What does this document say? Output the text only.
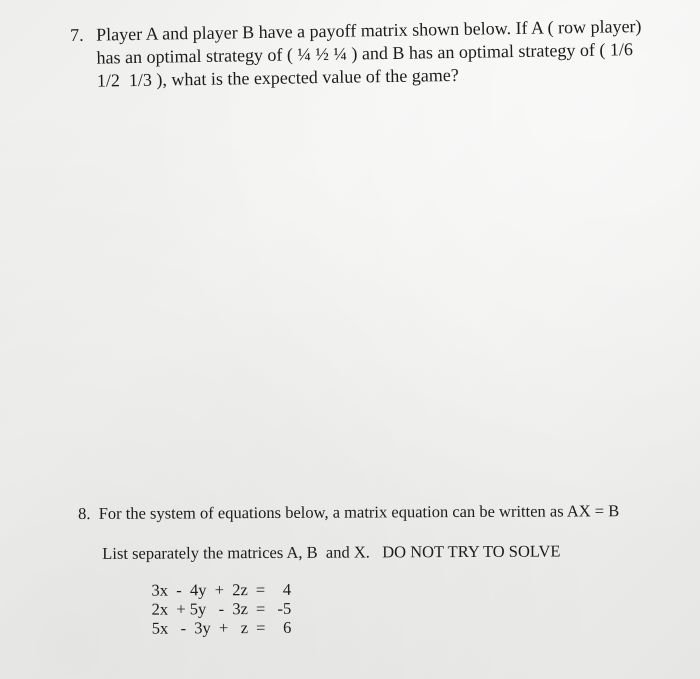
7. Player A and player B have a payoff matrix shown below. If A ( row player)
has an optimal strategy of ( ¼ ½ ¼ ) and B has an optimal strategy of ( 1/6
1/2  1/3 ), what is the expected value of the game?
8.  For the system of equations below, a matrix equation can be written as AX = B
List separately the matrices A, B  and X.   DO NOT TRY TO SOLVE
3x  -  4y  +  2z	=	4
2x  + 5y   -  3z	=	-5
5x   -  3y  +   z	=	6
